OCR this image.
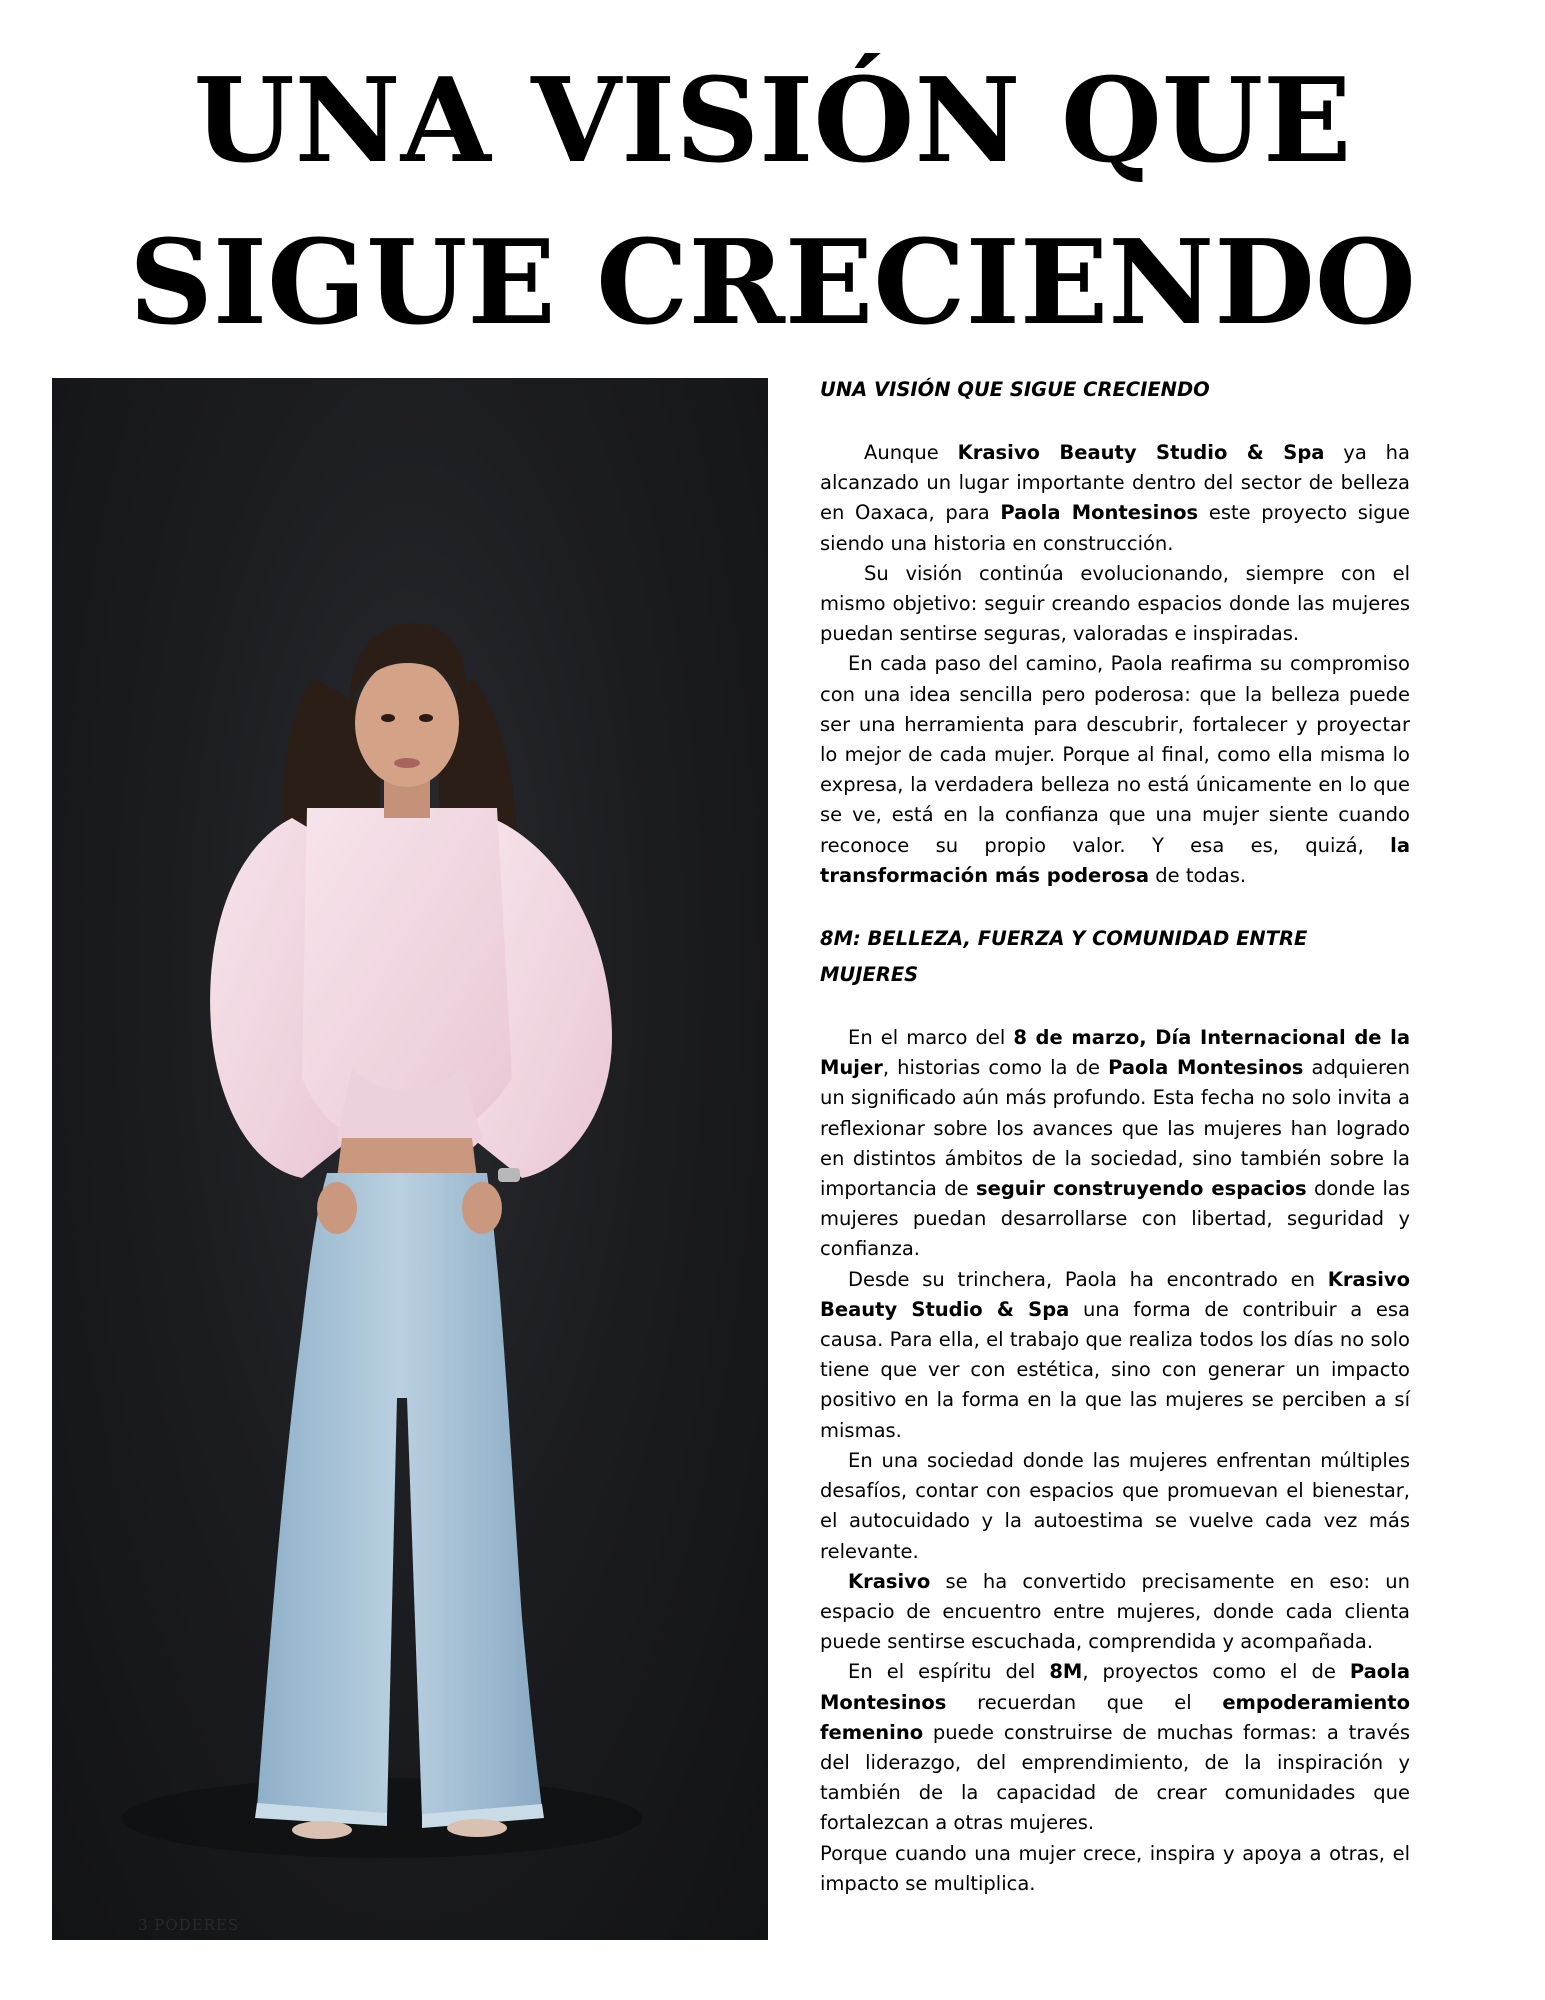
UNA VISIÓN QUE
SIGUE CRECIENDO
3 PODERES
UNA VISIÓN QUE SIGUE CRECIENDO

Aunque Krasivo Beauty Studio & Spa ya ha alcanzado un lugar importante dentro del sector de belleza en Oaxaca, para Paola Montesinos este proyecto sigue siendo una historia en construcción.

Su visión continúa evolucionando, siempre con el mismo objetivo: seguir creando espacios donde las mujeres puedan sentirse seguras, valoradas e inspiradas.

En cada paso del camino, Paola reafirma su compromiso con una idea sencilla pero poderosa: que la belleza puede ser una herramienta para descubrir, fortalecer y proyectar lo mejor de cada mujer. Porque al final, como ella misma lo expresa, la verdadera belleza no está únicamente en lo que se ve, está en la confianza que una mujer siente cuando reconoce su propio valor. Y esa es, quizá, la transformación más poderosa de todas.

8M: BELLEZA, FUERZA Y COMUNIDAD ENTRE MUJERES

En el marco del 8 de marzo, Día Internacional de la Mujer, historias como la de Paola Montesinos adquieren un significado aún más profundo. Esta fecha no solo invita a reflexionar sobre los avances que las mujeres han logrado en distintos ámbitos de la sociedad, sino también sobre la importancia de seguir construyendo espacios donde las mujeres puedan desarrollarse con libertad, seguridad y confianza.

Desde su trinchera, Paola ha encontrado en Krasivo Beauty Studio & Spa una forma de contribuir a esa causa. Para ella, el trabajo que realiza todos los días no solo tiene que ver con estética, sino con generar un impacto positivo en la forma en la que las mujeres se perciben a sí mismas.

En una sociedad donde las mujeres enfrentan múltiples desafíos, contar con espacios que promuevan el bienestar, el autocuidado y la autoestima se vuelve cada vez más relevante.

Krasivo se ha convertido precisamente en eso: un espacio de encuentro entre mujeres, donde cada clienta puede sentirse escuchada, comprendida y acompañada.

En el espíritu del 8M, proyectos como el de Paola Montesinos recuerdan que el empoderamiento femenino puede construirse de muchas formas: a través del liderazgo, del emprendimiento, de la inspiración y también de la capacidad de crear comunidades que fortalezcan a otras mujeres.

Porque cuando una mujer crece, inspira y apoya a otras, el impacto se multiplica.
